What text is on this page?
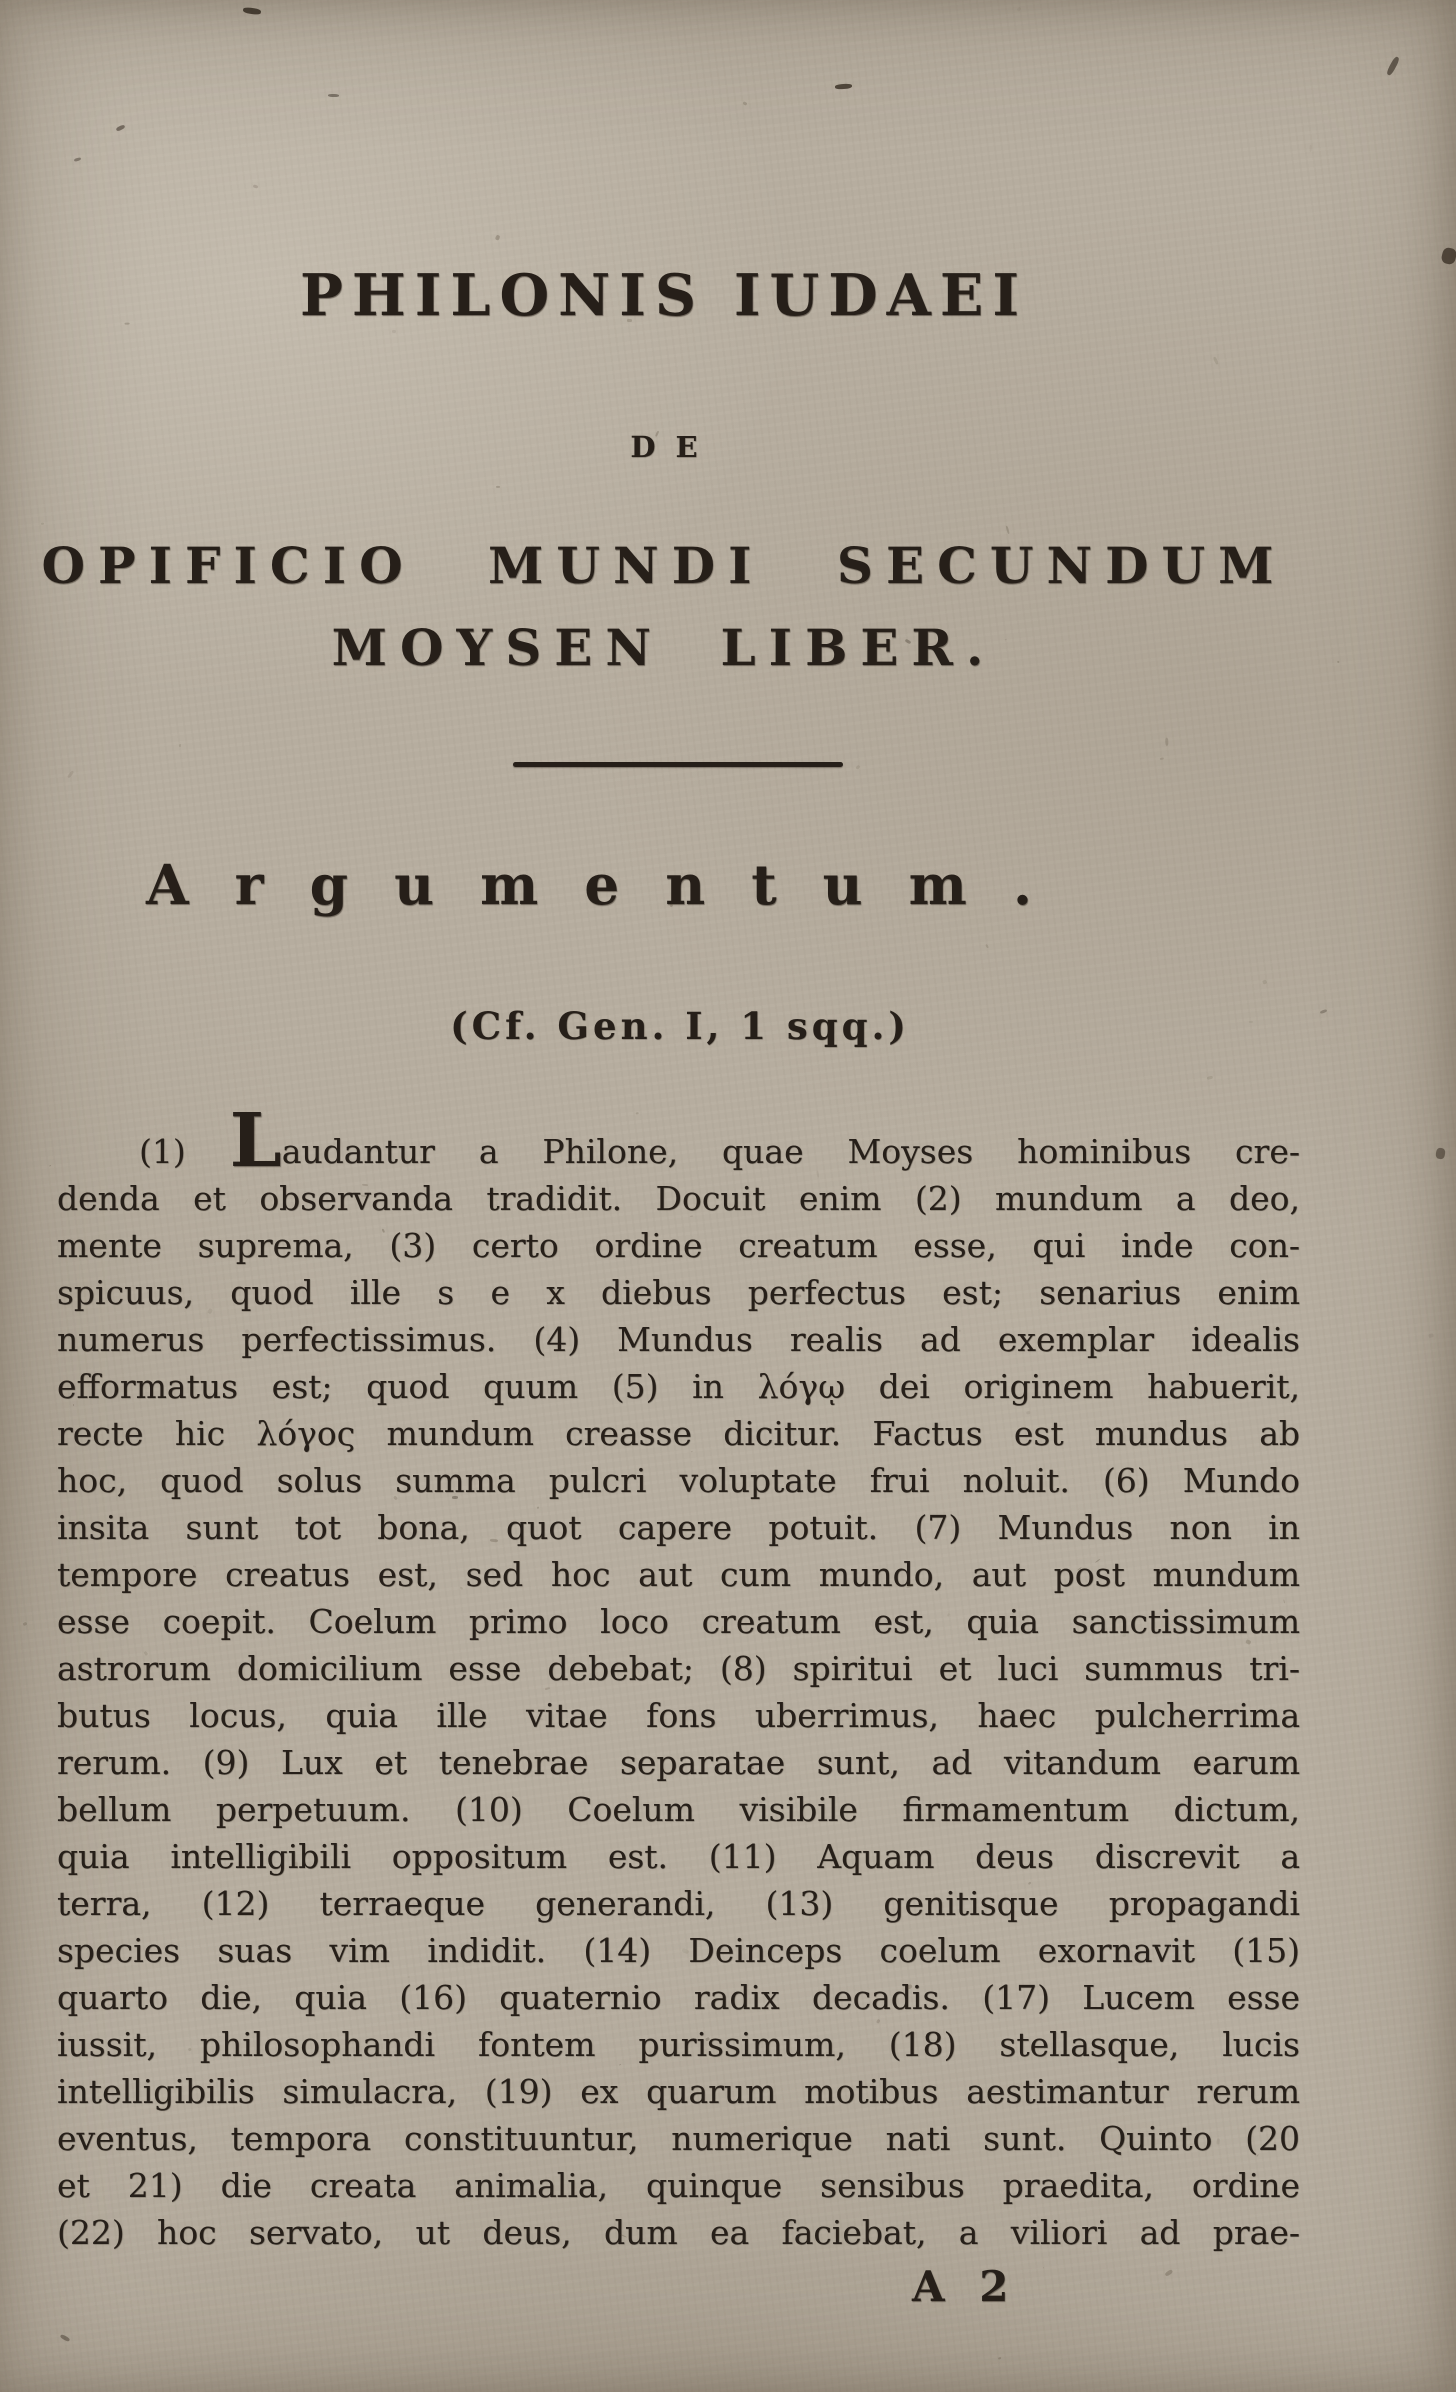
PHILONIS IUDAEI
DE
OPIFICIO MUNDI SECUNDUM
MOYSEN LIBER.
Argumentum.
(Cf. Gen. I, 1 sqq.)
(1) Laudantur a Philone, quae Moyses hominibus cre-
denda et observanda tradidit. Docuit enim (2) mundum a deo,
mente suprema, (3) certo ordine creatum esse, qui inde con-
spicuus, quod ille s e x diebus perfectus est; senarius enim
numerus perfectissimus. (4) Mundus realis ad exemplar idealis
efformatus est; quod quum (5) in λόγῳ dei originem habuerit,
recte hic λόγος mundum creasse dicitur. Factus est mundus ab
hoc, quod solus summa pulcri voluptate frui noluit. (6) Mundo
insita sunt tot bona, quot capere potuit. (7) Mundus non in
tempore creatus est, sed hoc aut cum mundo, aut post mundum
esse coepit. Coelum primo loco creatum est, quia sanctissimum
astrorum domicilium esse debebat; (8) spiritui et luci summus tri-
butus locus, quia ille vitae fons uberrimus, haec pulcherrima
rerum. (9) Lux et tenebrae separatae sunt, ad vitandum earum
bellum perpetuum. (10) Coelum visibile firmamentum dictum,
quia intelligibili oppositum est. (11) Aquam deus discrevit a
terra, (12) terraeque generandi, (13) genitisque propagandi
species suas vim indidit. (14) Deinceps coelum exornavit (15)
quarto die, quia (16) quaternio radix decadis. (17) Lucem esse
iussit, philosophandi fontem purissimum, (18) stellasque, lucis
intelligibilis simulacra, (19) ex quarum motibus aestimantur rerum
eventus, tempora constituuntur, numerique nati sunt. Quinto (20
et 21) die creata animalia, quinque sensibus praedita, ordine
(22) hoc servato, ut deus, dum ea faciebat, a viliori ad prae-
A 2
